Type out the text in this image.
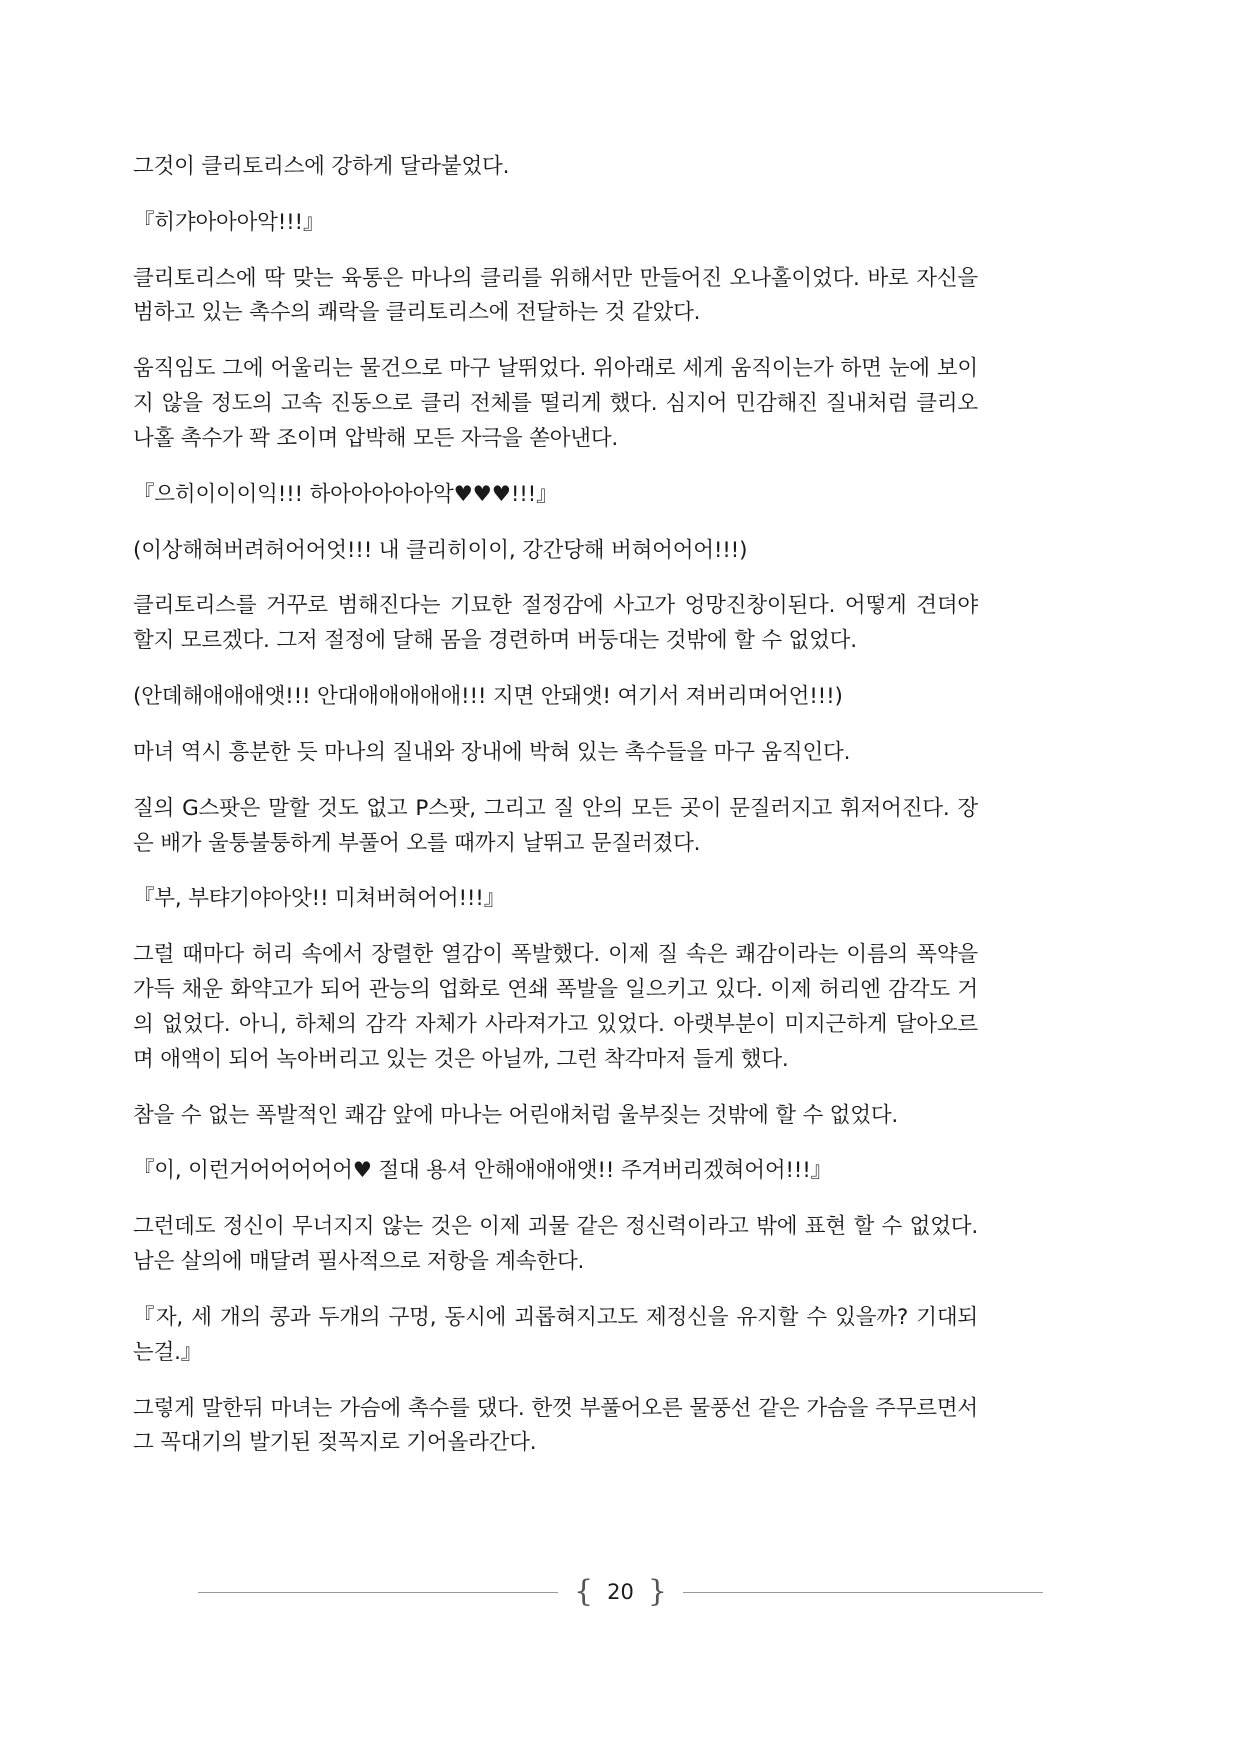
그것이 클리토리스에 강하게 달라붙었다.

『히갸아아아악!!!』

클리토리스에 딱 맞는 육통은 마나의 클리를 위해서만 만들어진 오나홀이었다. 바로 자신을 범하고 있는 촉수의 쾌락을 클리토리스에 전달하는 것 같았다.

움직임도 그에 어울리는 물건으로 마구 날뛰었다. 위아래로 세게 움직이는가 하면 눈에 보이지 않을 정도의 고속 진동으로 클리 전체를 떨리게 했다. 심지어 민감해진 질내처럼 클리오나홀 촉수가 꽉 조이며 압박해 모든 자극을 쏟아낸다.

『으히이이이익!!! 하아아아아아악♥♥♥!!!』

(이상해혀버려허어어엇!!! 내 클리히이이, 강간당해 버혀어어어!!!)

클리토리스를 거꾸로 범해진다는 기묘한 절정감에 사고가 엉망진창이된다. 어떻게 견뎌야 할지 모르겠다. 그저 절정에 달해 몸을 경련하며 버둥대는 것밖에 할 수 없었다.

(안뎨해애애애앳!!! 안대애애애애애!!! 지면 안돼앳! 여기서 져버리며어언!!!)

마녀 역시 흥분한 듯 마나의 질내와 장내에 박혀 있는 촉수들을 마구 움직인다.

질의 G스팟은 말할 것도 없고 P스팟, 그리고 질 안의 모든 곳이 문질러지고 휘저어진다. 장은 배가 울퉁불퉁하게 부풀어 오를 때까지 날뛰고 문질러졌다.

『부, 부탸기야아앗!! 미쳐버혀어어!!!』

그럴 때마다 허리 속에서 장렬한 열감이 폭발했다. 이제 질 속은 쾌감이라는 이름의 폭약을 가득 채운 화약고가 되어 관능의 업화로 연쇄 폭발을 일으키고 있다. 이제 허리엔 감각도 거의 없었다. 아니, 하체의 감각 자체가 사라져가고 있었다. 아랫부분이 미지근하게 달아오르며 애액이 되어 녹아버리고 있는 것은 아닐까, 그런 착각마저 들게 했다.

참을 수 없는 폭발적인 쾌감 앞에 마나는 어린애처럼 울부짖는 것밖에 할 수 없었다.

『이, 이런거어어어어어♥ 절대 용셔 안해애애애앳!! 주겨버리겠혀어어!!!』

그런데도 정신이 무너지지 않는 것은 이제 괴물 같은 정신력이라고 밖에 표현 할 수 없었다. 남은 살의에 매달려 필사적으로 저항을 계속한다.

『자, 세 개의 콩과 두개의 구멍, 동시에 괴롭혀지고도 제정신을 유지할 수 있을까? 기대되는걸.』

그렇게 말한뒤 마녀는 가슴에 촉수를 댔다. 한껏 부풀어오른 물풍선 같은 가슴을 주무르면서 그 꼭대기의 발기된 젖꼭지로 기어올라간다.

{ 20 }
